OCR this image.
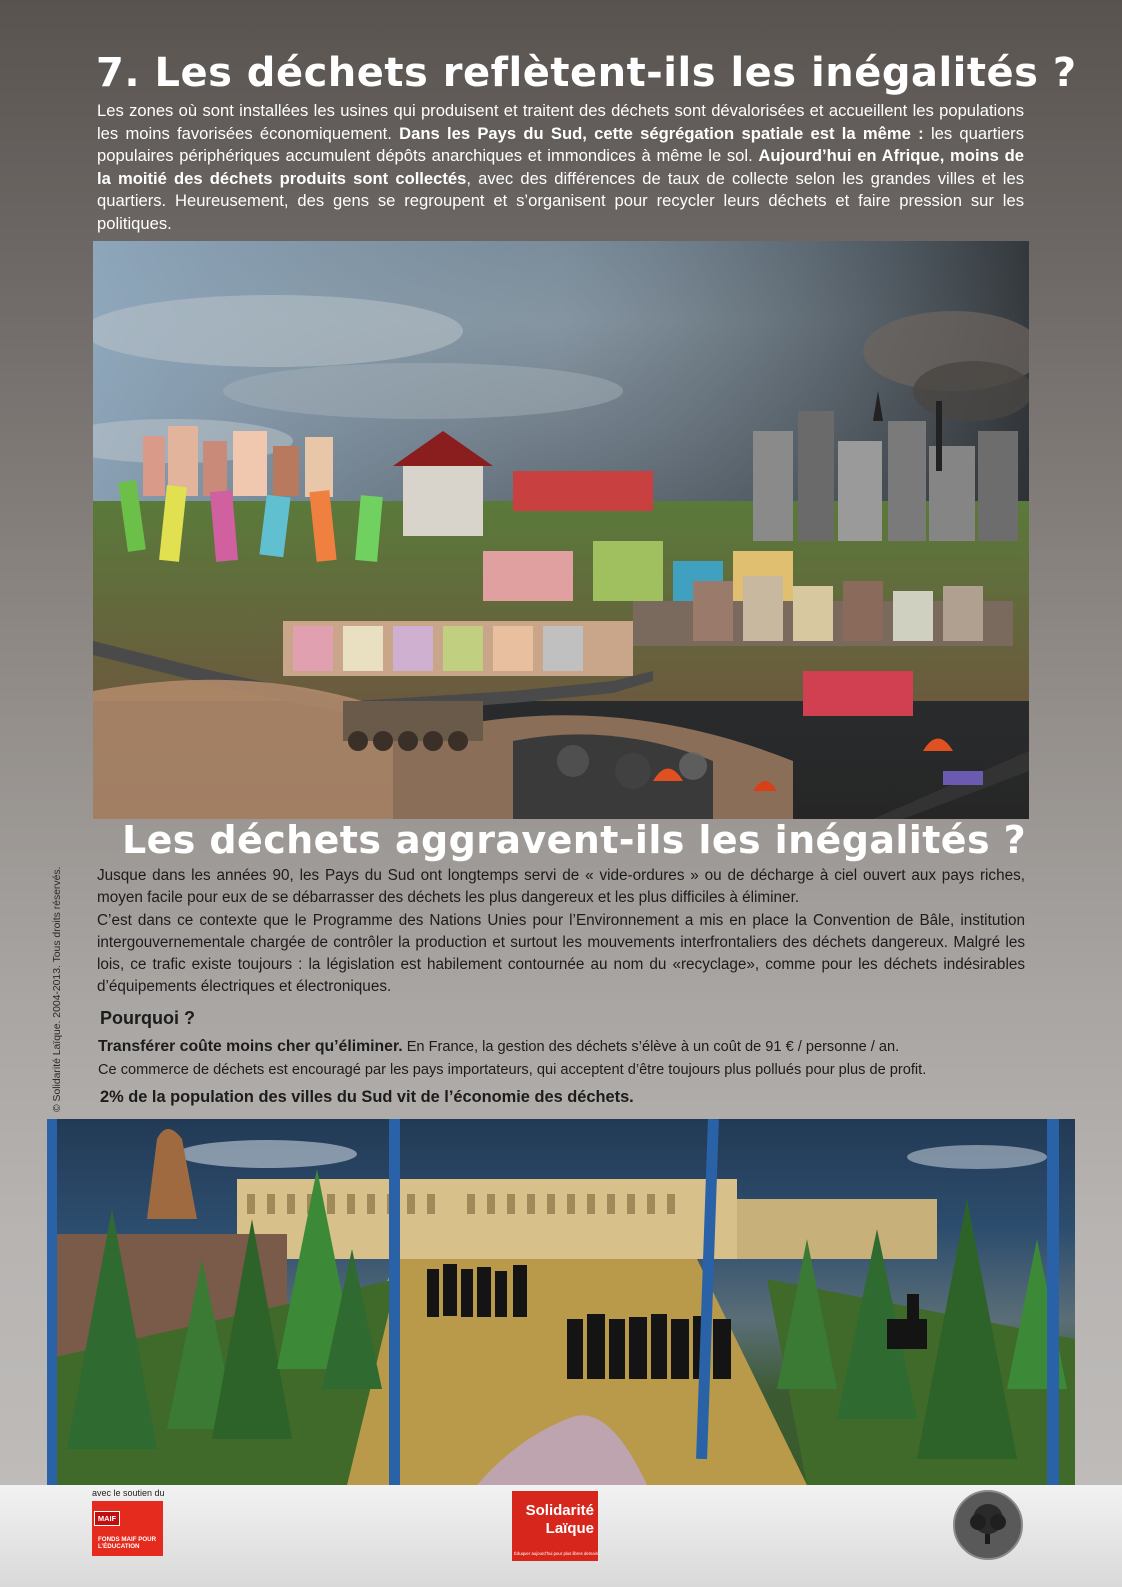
7. Les déchets reflètent-ils les inégalités ?

Les zones où sont installées les usines qui produisent et traitent des déchets sont dévalorisées et accueillent les populations les moins favorisées économiquement. Dans les Pays du Sud, cette ségrégation spatiale est la même : les quartiers populaires périphériques accumulent dépôts anarchiques et immondices à même le sol. Aujourd’hui en Afrique, moins de la moitié des déchets produits sont collectés, avec des différences de taux de collecte selon les grandes villes et les quartiers. Heureusement, des gens se regroupent et s’organisent pour recycler leurs déchets et faire pression sur les politiques.

Les déchets aggravent-ils les inégalités ?

Jusque dans les années 90, les Pays du Sud ont longtemps servi de « vide-ordures » ou de décharge à ciel ouvert aux pays riches, moyen facile pour eux de se débarrasser des déchets les plus dangereux et les plus difficiles à éliminer.

C’est dans ce contexte que le Programme des Nations Unies pour l’Environnement a mis en place la Convention de Bâle, institution intergouvernementale chargée de contrôler la production et surtout les mouvements interfrontaliers des déchets dangereux. Malgré les lois, ce trafic existe toujours : la législation est habilement contournée au nom du «recyclage», comme pour les déchets indésirables d’équipements électriques et électroniques.

Pourquoi ?

Transférer coûte moins cher qu’éliminer. En France, la gestion des déchets s’élève à un coût de 91 € / personne / an.
Ce commerce de déchets est encouragé par les pays importateurs, qui acceptent d’être toujours plus pollués pour plus de profit.

2% de la population des villes du Sud vit de l’économie des déchets.

© Solidarité Laïque. 2004-2013. Tous droits réservés.
avec le soutien du
MAIF
FONDS MAIF POUR L’ÉDUCATION
Solidarité Laïque
Éduquer aujourd’hui pour plus libres demain
